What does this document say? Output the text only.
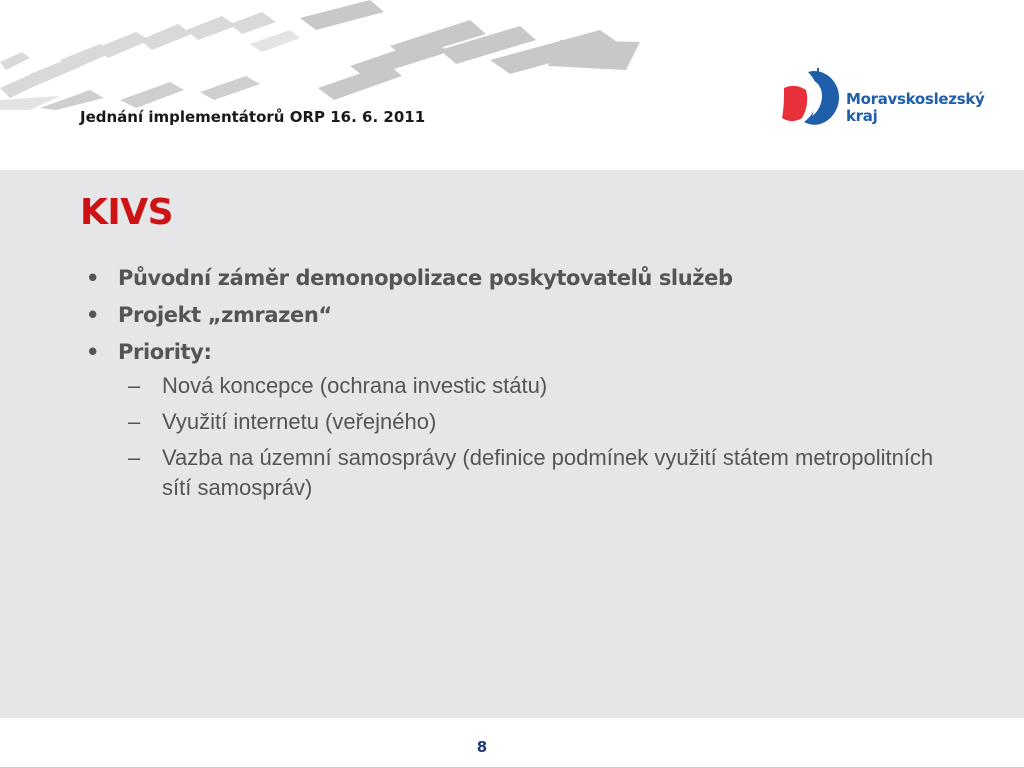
Jednání implementátorů ORP 16. 6. 2011
Moravskoslezský
kraj
KIVS
• Původní záměr demonopolizace poskytovatelů služeb
• Projekt „zmrazen“
• Priority:
– Nová koncepce (ochrana investic státu)
– Využití internetu (veřejného)
– Vazba na územní samosprávy (definice podmínek využití státem metropolitních sítí samospráv)
8
